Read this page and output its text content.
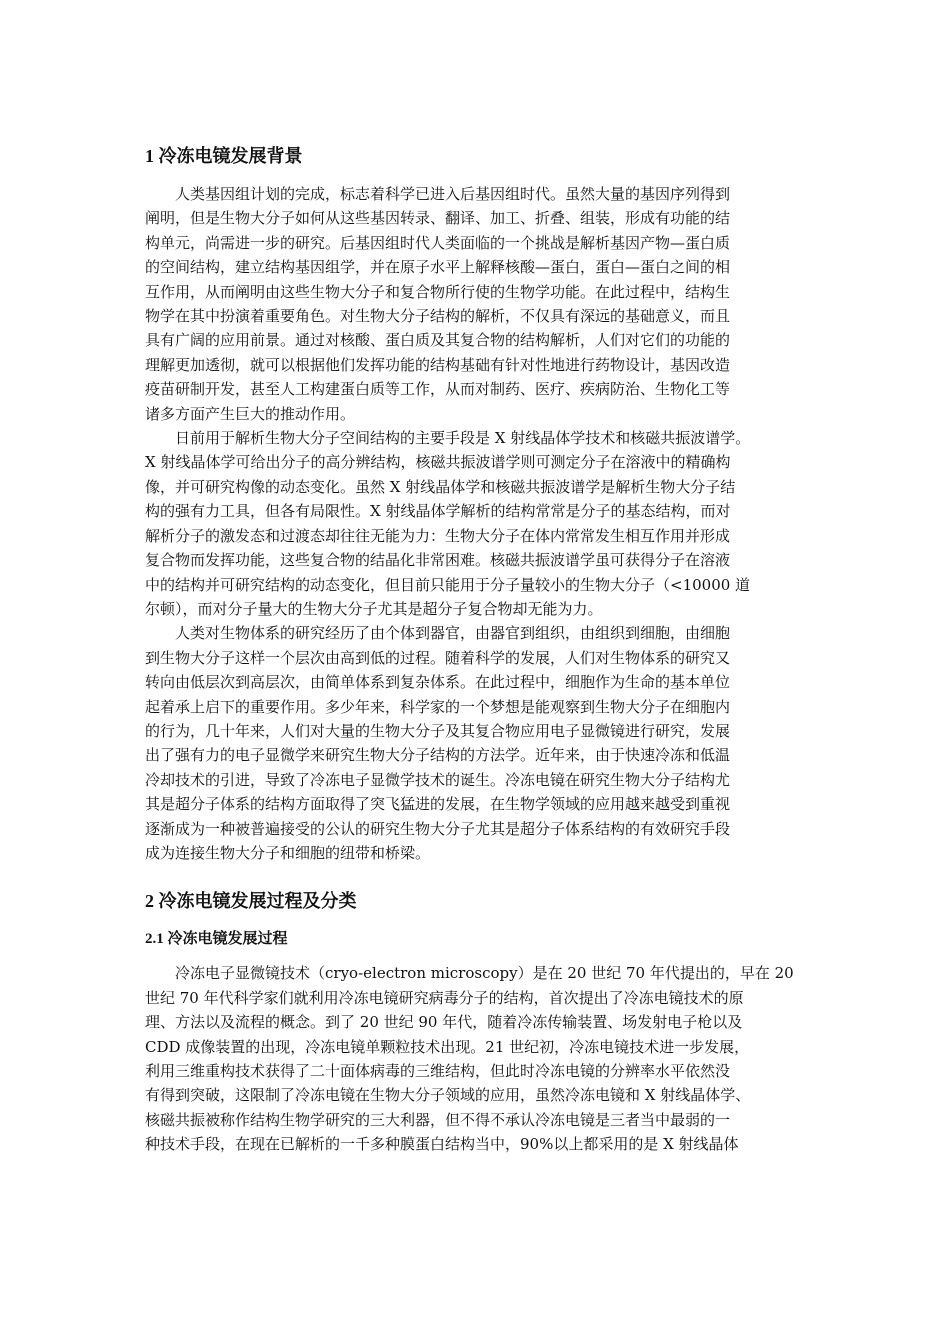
1 冷冻电镜发展背景
　　人类基因组计划的完成，标志着科学已进入后基因组时代。虽然大量的基因序列得到
阐明，但是生物大分子如何从这些基因转录、翻译、加工、折叠、组装，形成有功能的结
构单元，尚需进一步的研究。后基因组时代人类面临的一个挑战是解析基因产物—蛋白质
的空间结构，建立结构基因组学，并在原子水平上解释核酸—蛋白，蛋白—蛋白之间的相
互作用，从而阐明由这些生物大分子和复合物所行使的生物学功能。在此过程中，结构生
物学在其中扮演着重要角色。对生物大分子结构的解析，不仅具有深远的基础意义，而且
具有广阔的应用前景。通过对核酸、蛋白质及其复合物的结构解析，人们对它们的功能的
理解更加透彻，就可以根据他们发挥功能的结构基础有针对性地进行药物设计，基因改造
疫苗研制开发，甚至人工构建蛋白质等工作，从而对制药、医疗、疾病防治、生物化工等
诸多方面产生巨大的推动作用。
　　日前用于解析生物大分子空间结构的主要手段是 X 射线晶体学技术和核磁共振波谱学。
X 射线晶体学可给出分子的高分辨结构，核磁共振波谱学则可测定分子在溶液中的精确构
像，并可研究构像的动态变化。虽然 X 射线晶体学和核磁共振波谱学是解析生物大分子结
构的强有力工具，但各有局限性。X 射线晶体学解析的结构常常是分子的基态结构，而对
解析分子的激发态和过渡态却往往无能为力：生物大分子在体内常常发生相互作用并形成
复合物而发挥功能，这些复合物的结晶化非常困难。核磁共振波谱学虽可获得分子在溶液
中的结构并可研究结构的动态变化，但目前只能用于分子量较小的生物大分子（<10000 道
尔顿），而对分子量大的生物大分子尤其是超分子复合物却无能为力。
　　人类对生物体系的研究经历了由个体到器官，由器官到组织，由组织到细胞，由细胞
到生物大分子这样一个层次由高到低的过程。随着科学的发展，人们对生物体系的研究又
转向由低层次到高层次，由简单体系到复杂体系。在此过程中，细胞作为生命的基本单位
起着承上启下的重要作用。多少年来，科学家的一个梦想是能观察到生物大分子在细胞内
的行为，几十年来，人们对大量的生物大分子及其复合物应用电子显微镜进行研究，发展
出了强有力的电子显微学来研究生物大分子结构的方法学。近年来，由于快速冷冻和低温
冷却技术的引进，导致了冷冻电子显微学技术的诞生。冷冻电镜在研究生物大分子结构尤
其是超分子体系的结构方面取得了突飞猛进的发展，在生物学领域的应用越来越受到重视
逐渐成为一种被普遍接受的公认的研究生物大分子尤其是超分子体系结构的有效研究手段
成为连接生物大分子和细胞的纽带和桥梁。
2 冷冻电镜发展过程及分类
2.1 冷冻电镜发展过程
　　冷冻电子显微镜技术（cryo-electron microscopy）是在 20 世纪 70 年代提出的，早在 20
世纪 70 年代科学家们就利用冷冻电镜研究病毒分子的结构，首次提出了冷冻电镜技术的原
理、方法以及流程的概念。到了 20 世纪 90 年代，随着冷冻传输装置、场发射电子枪以及
CDD 成像装置的出现，冷冻电镜单颗粒技术出现。21 世纪初，冷冻电镜技术进一步发展，
利用三维重构技术获得了二十面体病毒的三维结构，但此时冷冻电镜的分辨率水平依然没
有得到突破，这限制了冷冻电镜在生物大分子领域的应用，虽然冷冻电镜和 X 射线晶体学、
核磁共振被称作结构生物学研究的三大利器，但不得不承认冷冻电镜是三者当中最弱的一
种技术手段，在现在已解析的一千多种膜蛋白结构当中，90%以上都采用的是 X 射线晶体
